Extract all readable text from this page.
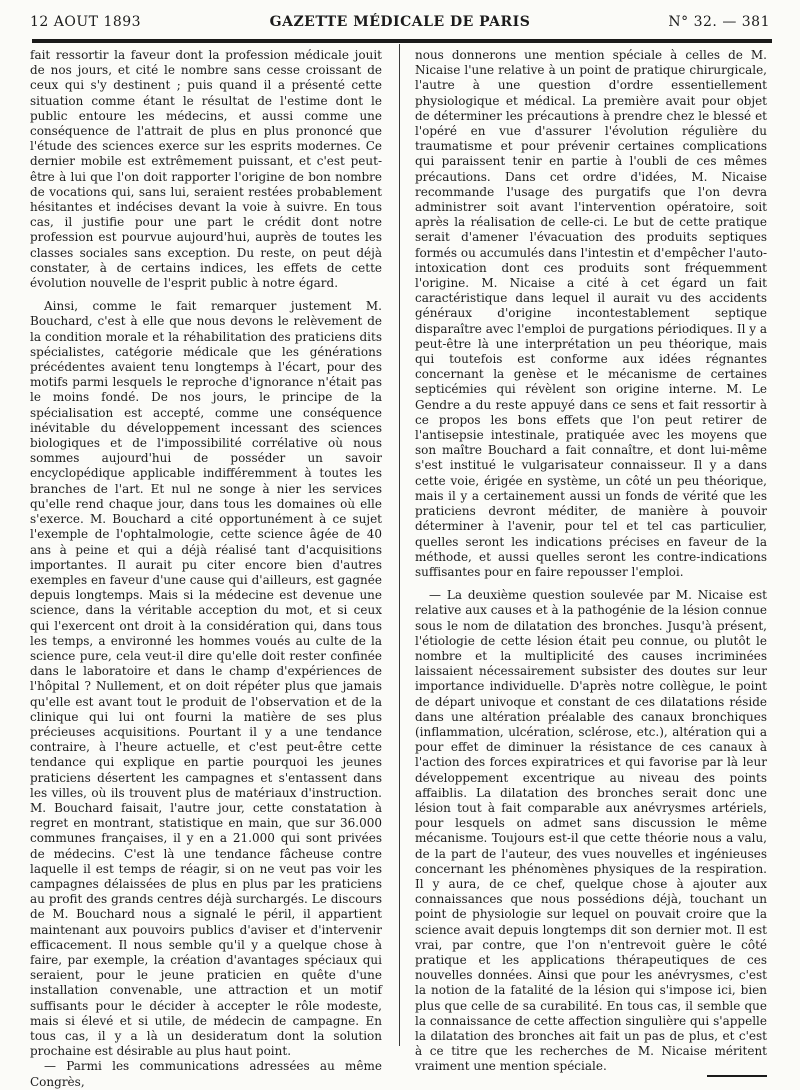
12 AOUT 1893	GAZETTE MÉDICALE DE PARIS	N° 32. — 381

fait ressortir la faveur dont la profession médicale jouit de nos jours, et cité le nombre sans cesse croissant de ceux qui s'y destinent ; puis quand il a présenté cette situation comme étant le résultat de l'estime dont le public entoure les médecins, et aussi comme une conséquence de l'attrait de plus en plus prononcé que l'étude des sciences exerce sur les esprits modernes. Ce dernier mobile est extrêmement puissant, et c'est peut-être à lui que l'on doit rapporter l'origine de bon nombre de vocations qui, sans lui, seraient restées probablement hésitantes et indécises devant la voie à suivre. En tous cas, il justifie pour une part le crédit dont notre profession est pourvue aujourd'hui, auprès de toutes les classes sociales sans exception. Du reste, on peut déjà constater, à de certains indices, les effets de cette évolution nouvelle de l'esprit public à notre égard.

Ainsi, comme le fait remarquer justement M. Bouchard, c'est à elle que nous devons le relèvement de la condition morale et la réhabilitation des praticiens dits spécialistes, catégorie médicale que les générations précédentes avaient tenu longtemps à l'écart, pour des motifs parmi lesquels le reproche d'ignorance n'était pas le moins fondé. De nos jours, le principe de la spécialisation est accepté, comme une conséquence inévitable du développement incessant des sciences biologiques et de l'impossibilité corrélative où nous sommes aujourd'hui de posséder un savoir encyclopédique applicable indifféremment à toutes les branches de l'art. Et nul ne songe à nier les services qu'elle rend chaque jour, dans tous les domaines où elle s'exerce. M. Bouchard a cité opportunément à ce sujet l'exemple de l'ophtalmologie, cette science âgée de 40 ans à peine et qui a déjà réalisé tant d'acquisitions importantes. Il aurait pu citer encore bien d'autres exemples en faveur d'une cause qui d'ailleurs, est gagnée depuis longtemps. Mais si la médecine est devenue une science, dans la véritable acception du mot, et si ceux qui l'exercent ont droit à la considération qui, dans tous les temps, a environné les hommes voués au culte de la science pure, cela veut-il dire qu'elle doit rester confinée dans le laboratoire et dans le champ d'expériences de l'hôpital ? Nullement, et on doit répéter plus que jamais qu'elle est avant tout le produit de l'observation et de la clinique qui lui ont fourni la matière de ses plus précieuses acquisitions. Pourtant il y a une tendance contraire, à l'heure actuelle, et c'est peut-être cette tendance qui explique en partie pourquoi les jeunes praticiens désertent les campagnes et s'entassent dans les villes, où ils trouvent plus de matériaux d'instruction. M. Bouchard faisait, l'autre jour, cette constatation à regret en montrant, statistique en main, que sur 36.000 communes françaises, il y en a 21.000 qui sont privées de médecins. C'est là une tendance fâcheuse contre laquelle il est temps de réagir, si on ne veut pas voir les campagnes délaissées de plus en plus par les praticiens au profit des grands centres déjà surchargés. Le discours de M. Bouchard nous a signalé le péril, il appartient maintenant aux pouvoirs publics d'aviser et d'intervenir efficacement. Il nous semble qu'il y a quelque chose à faire, par exemple, la création d'avantages spéciaux qui seraient, pour le jeune praticien en quête d'une installation convenable, une attraction et un motif suffisants pour le décider à accepter le rôle modeste, mais si élevé et si utile, de médecin de campagne. En tous cas, il y a là un desideratum dont la solution prochaine est désirable au plus haut point.

— Parmi les communications adressées au même Congrès,

nous donnerons une mention spéciale à celles de M. Nicaise l'une relative à un point de pratique chirurgicale, l'autre à une question d'ordre essentiellement physiologique et médical. La première avait pour objet de déterminer les précautions à prendre chez le blessé et l'opéré en vue d'assurer l'évolution régulière du traumatisme et pour prévenir certaines complications qui paraissent tenir en partie à l'oubli de ces mêmes précautions. Dans cet ordre d'idées, M. Nicaise recommande l'usage des purgatifs que l'on devra administrer soit avant l'intervention opératoire, soit après la réalisation de celle-ci. Le but de cette pratique serait d'amener l'évacuation des produits septiques formés ou accumulés dans l'intestin et d'empêcher l'auto-intoxication dont ces produits sont fréquemment l'origine. M. Nicaise a cité à cet égard un fait caractéristique dans lequel il aurait vu des accidents généraux d'origine incontestablement septique disparaître avec l'emploi de purgations périodiques. Il y a peut-être là une interprétation un peu théorique, mais qui toutefois est conforme aux idées régnantes concernant la genèse et le mécanisme de certaines septicémies qui révèlent son origine interne. M. Le Gendre a du reste appuyé dans ce sens et fait ressortir à ce propos les bons effets que l'on peut retirer de l'antisepsie intestinale, pratiquée avec les moyens que son maître Bouchard a fait connaître, et dont lui-même s'est institué le vulgarisateur connaisseur. Il y a dans cette voie, érigée en système, un côté un peu théorique, mais il y a certainement aussi un fonds de vérité que les praticiens devront méditer, de manière à pouvoir déterminer à l'avenir, pour tel et tel cas particulier, quelles seront les indications précises en faveur de la méthode, et aussi quelles seront les contre-indications suffisantes pour en faire repousser l'emploi.

— La deuxième question soulevée par M. Nicaise est relative aux causes et à la pathogénie de la lésion connue sous le nom de dilatation des bronches. Jusqu'à présent, l'étiologie de cette lésion était peu connue, ou plutôt le nombre et la multiplicité des causes incriminées laissaient nécessairement subsister des doutes sur leur importance individuelle. D'après notre collègue, le point de départ univoque et constant de ces dilatations réside dans une altération préalable des canaux bronchiques (inflammation, ulcération, sclérose, etc.), altération qui a pour effet de diminuer la résistance de ces canaux à l'action des forces expiratrices et qui favorise par là leur développement excentrique au niveau des points affaiblis. La dilatation des bronches serait donc une lésion tout à fait comparable aux anévrysmes artériels, pour lesquels on admet sans discussion le même mécanisme. Toujours est-il que cette théorie nous a valu, de la part de l'auteur, des vues nouvelles et ingénieuses concernant les phénomènes physiques de la respiration. Il y aura, de ce chef, quelque chose à ajouter aux connaissances que nous possédions déjà, touchant un point de physiologie sur lequel on pouvait croire que la science avait depuis longtemps dit son dernier mot. Il est vrai, par contre, que l'on n'entrevoit guère le côté pratique et les applications thérapeutiques de ces nouvelles données. Ainsi que pour les anévrysmes, c'est la notion de la fatalité de la lésion qui s'impose ici, bien plus que celle de sa curabilité. En tous cas, il semble que la connaissance de cette affection singulière qui s'appelle la dilatation des bronches ait fait un pas de plus, et c'est à ce titre que les recherches de M. Nicaise méritent vraiment une mention spéciale.
